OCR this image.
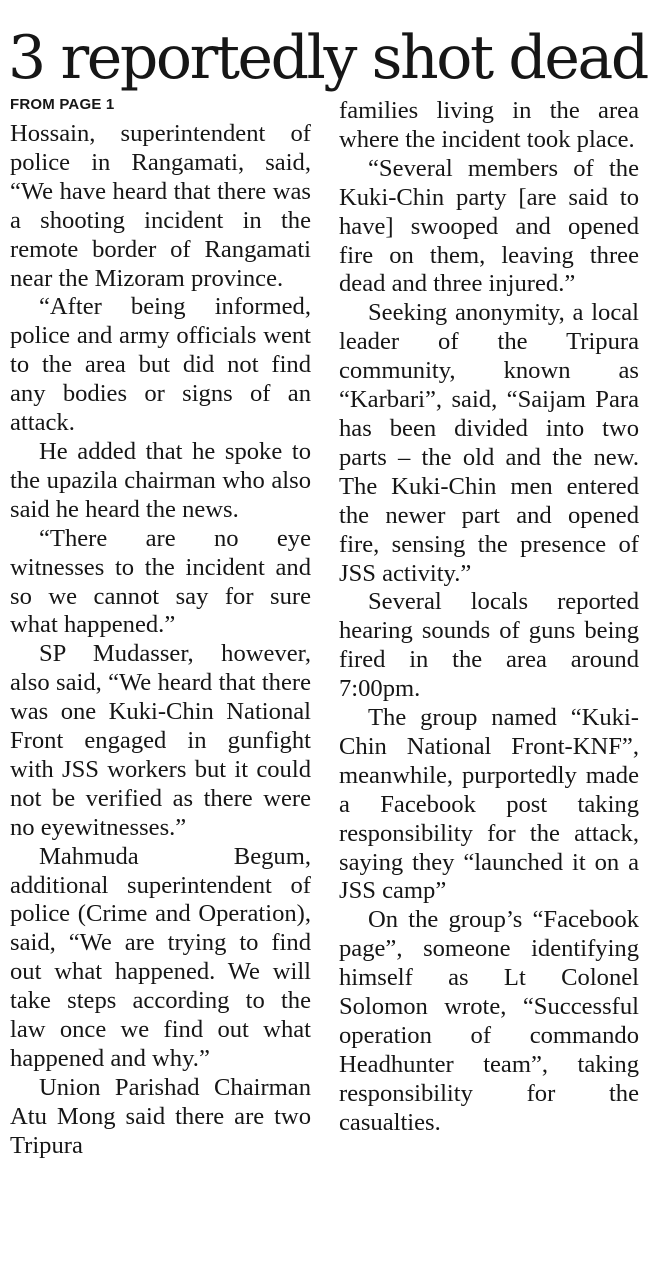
3 reportedly shot dead
FROM PAGE 1

Hossain, superintendent of police in Rangamati, said, “We have heard that there was a shooting incident in the remote border of Rangamati near the Mizoram province.

“After being informed, police and army officials went to the area but did not find any bodies or signs of an attack.

He added that he spoke to the upazila chairman who also said he heard the news.

“There are no eye witnesses to the incident and so we cannot say for sure what happened.”

SP Mudasser, however, also said, “We heard that there was one Kuki-Chin National Front engaged in gunfight with JSS workers but it could not be verified as there were no eyewitnesses.”

Mahmuda Begum, additional superintendent of police (Crime and Operation), said, “We are trying to find out what happened. We will take steps according to the law once we find out what happened and why.”

Union Parishad Chairman Atu Mong said there are two Tripura

families living in the area where the incident took place.

“Several members of the Kuki-Chin party [are said to have] swooped and opened fire on them, leaving three dead and three injured.”

Seeking anonymity, a local leader of the Tripura community, known as “Karbari”, said, “Saijam Para has been divided into two parts – the old and the new. The Kuki-Chin men entered the newer part and opened fire, sensing the presence of JSS activity.”

Several locals reported hearing sounds of guns being fired in the area around 7:00pm.

The group named “Kuki-Chin National Front-KNF”, meanwhile, purportedly made a Facebook post taking responsibility for the attack, saying they “launched it on a JSS camp”

On the group’s “Facebook page”, someone identifying himself as Lt Colonel Solomon wrote, “Successful operation of commando Headhunter team”, taking responsibility for the casualties.
